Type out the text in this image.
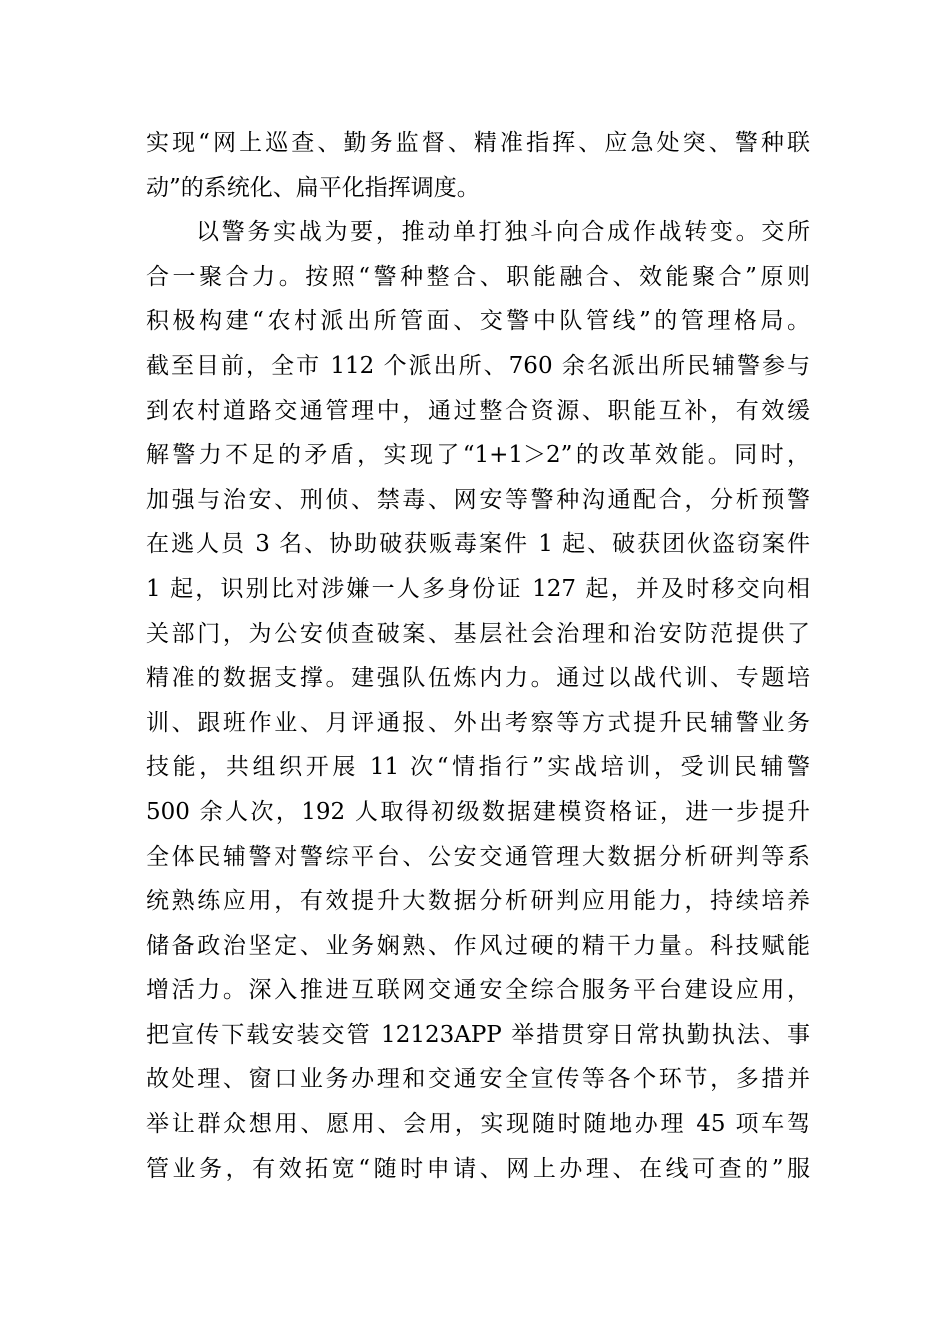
实现“网上巡查、勤务监督、精准指挥、应急处突、警种联
动”的系统化、扁平化指挥调度。
以警务实战为要，推动单打独斗向合成作战转变。交所
合一聚合力。按照“警种整合、职能融合、效能聚合”原则
积极构建“农村派出所管面、交警中队管线”的管理格局。
截至目前，全市 112 个派出所、760 余名派出所民辅警参与
到农村道路交通管理中，通过整合资源、职能互补，有效缓
解警力不足的矛盾，实现了“1+1＞2”的改革效能。同时，
加强与治安、刑侦、禁毒、网安等警种沟通配合，分析预警
在逃人员 3 名、协助破获贩毒案件 1 起、破获团伙盗窃案件
1 起，识别比对涉嫌一人多身份证 127 起，并及时移交向相
关部门，为公安侦查破案、基层社会治理和治安防范提供了
精准的数据支撑。建强队伍炼内力。通过以战代训、专题培
训、跟班作业、月评通报、外出考察等方式提升民辅警业务
技能，共组织开展 11 次“情指行”实战培训，受训民辅警
500 余人次，192 人取得初级数据建模资格证，进一步提升
全体民辅警对警综平台、公安交通管理大数据分析研判等系
统熟练应用，有效提升大数据分析研判应用能力，持续培养
储备政治坚定、业务娴熟、作风过硬的精干力量。科技赋能
增活力。深入推进互联网交通安全综合服务平台建设应用，
把宣传下载安装交管 12123APP 举措贯穿日常执勤执法、事
故处理、窗口业务办理和交通安全宣传等各个环节，多措并
举让群众想用、愿用、会用，实现随时随地办理 45 项车驾
管业务，有效拓宽“随时申请、网上办理、在线可查的”服
